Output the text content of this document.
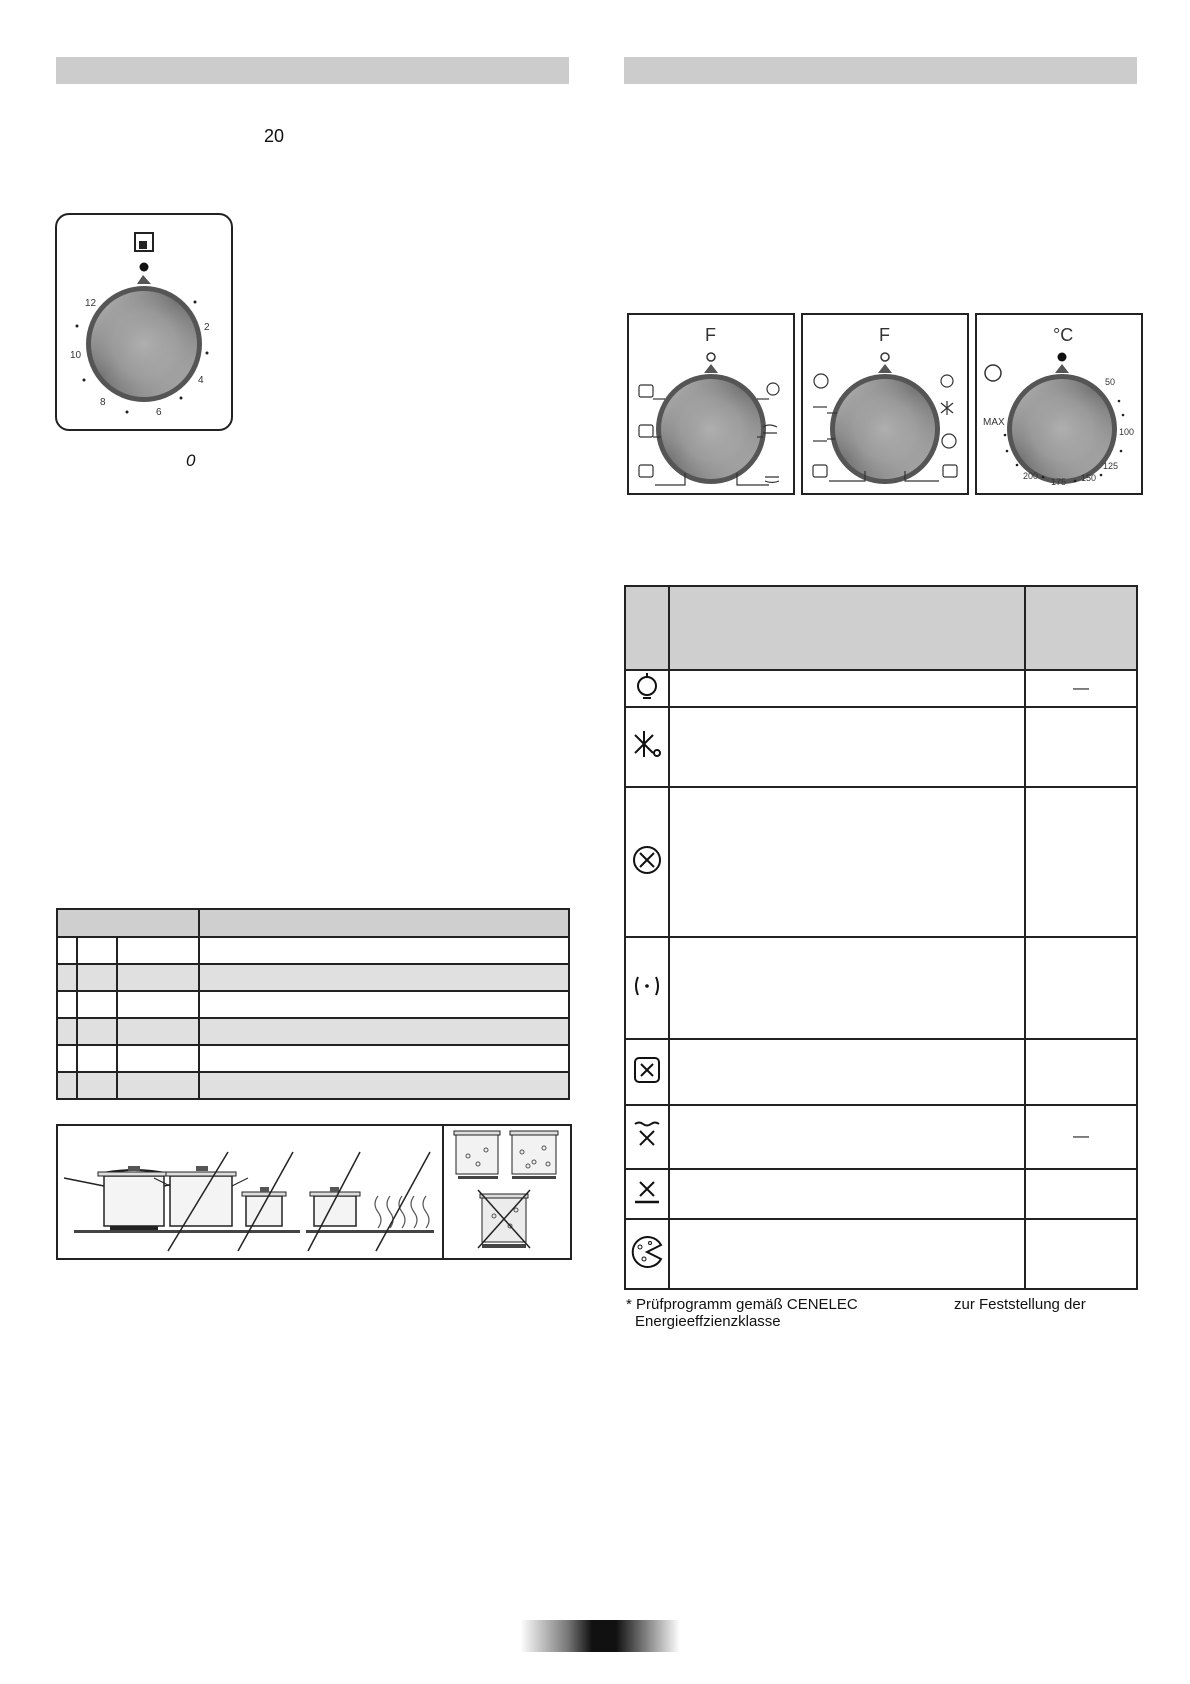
20
12
2
4
6
8
10
0

F	F	°C
MAX
50
100
125
150
175
200

		—

		—

* Prüfprogramm gemäß CENELEC	zur Feststellung der
Energieeffzienzklasse
